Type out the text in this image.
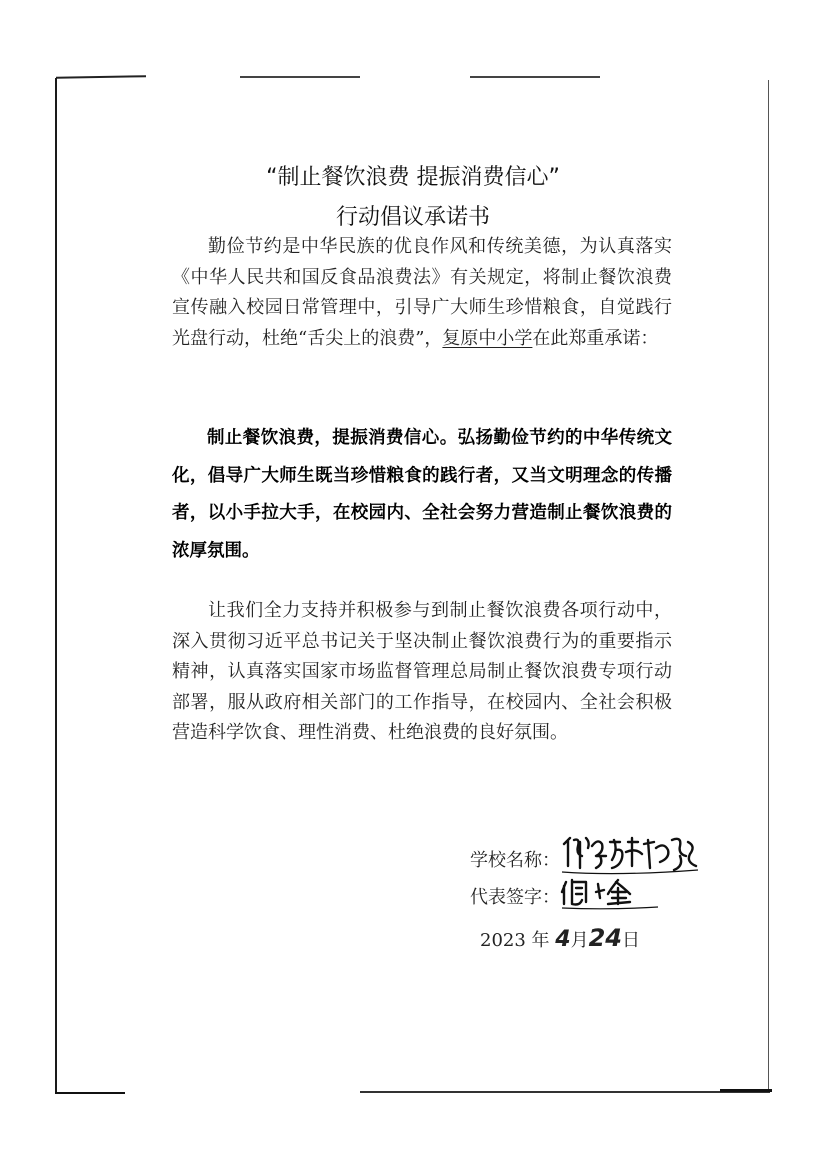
“制止餐饮浪费 提振消费信心”
行动倡议承诺书
勤俭节约是中华民族的优良作风和传统美德，为认真落实《中华人民共和国反食品浪费法》有关规定，将制止餐饮浪费宣传融入校园日常管理中，引导广大师生珍惜粮食，自觉践行光盘行动，杜绝“舌尖上的浪费”，复原中小学在此郑重承诺：
制止餐饮浪费，提振消费信心。弘扬勤俭节约的中华传统文化，倡导广大师生既当珍惜粮食的践行者，又当文明理念的传播者，以小手拉大手，在校园内、全社会努力营造制止餐饮浪费的浓厚氛围。
让我们全力支持并积极参与到制止餐饮浪费各项行动中，深入贯彻习近平总书记关于坚决制止餐饮浪费行为的重要指示精神，认真落实国家市场监督管理总局制止餐饮浪费专项行动部署，服从政府相关部门的工作指导，在校园内、全社会积极营造科学饮食、理性消费、杜绝浪费的良好氛围。
学校名称：
代表签字：
2023 年 4月24日
